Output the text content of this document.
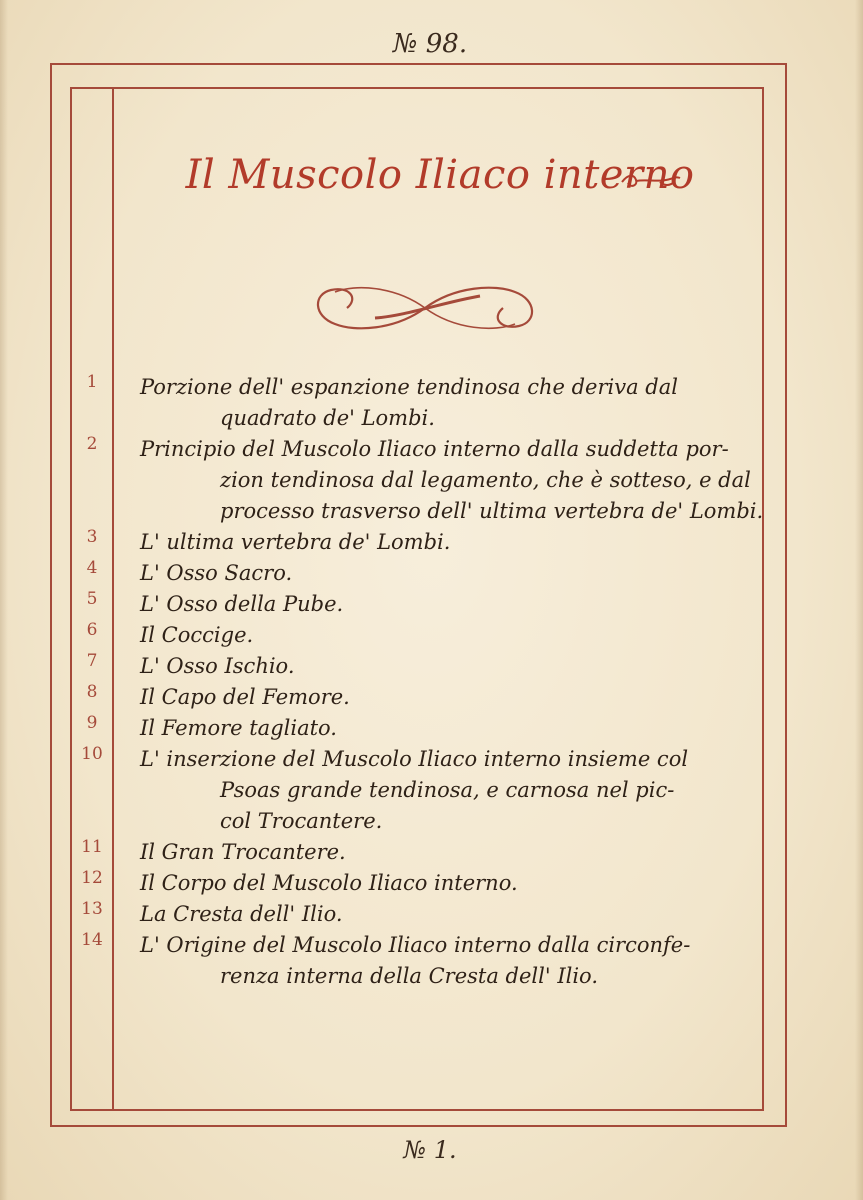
№ 98.
Il Muscolo Iliaco interno
1	Porzione dell' espanzione tendinosa che deriva dal
quadrato de' Lombi.
2	Principio del Muscolo Iliaco interno dalla suddetta por-
zion tendinosa dal legamento, che è sotteso, e dal
processo trasverso dell' ultima vertebra de' Lombi.
3	L' ultima vertebra de' Lombi.
4	L' Osso Sacro.
5	L' Osso della Pube.
6	Il Coccige.
7	L' Osso Ischio.
8	Il Capo del Femore.
9	Il Femore tagliato.
10	L' inserzione del Muscolo Iliaco interno insieme col
Psoas grande tendinosa, e carnosa nel pic-
col Trocantere.
11	Il Gran Trocantere.
12	Il Corpo del Muscolo Iliaco interno.
13	La Cresta dell' Ilio.
14	L' Origine del Muscolo Iliaco interno dalla circonfe-
renza interna della Cresta dell' Ilio.
№ 1.
